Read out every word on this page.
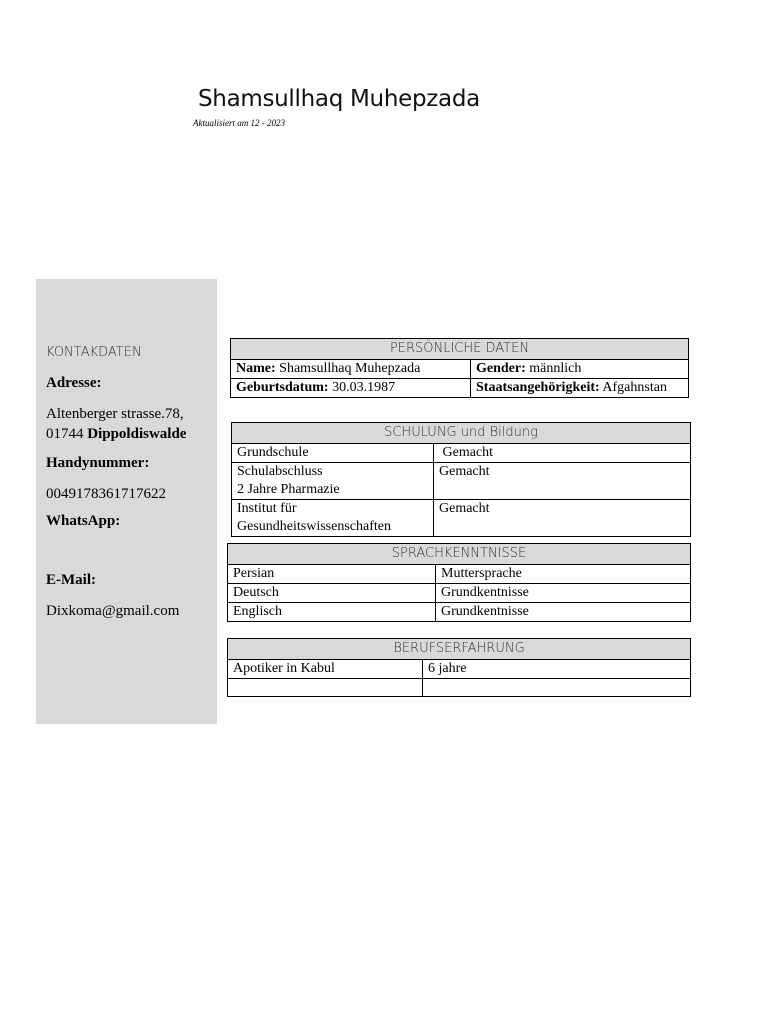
Shamsullhaq Muhepzada
Aktualisiert am 12 - 2023
KONTAKDATEN
Adresse:
Altenberger strasse.78,
01744 Dippoldiswalde
Handynummer:
0049178361717622
WhatsApp:
E-Mail:
Dixkoma@gmail.com
PERSÖNLICHE DATEN	
Name: Shamsullhaq Muhepzada	Gender: männlich
Geburtsdatum: 30.03.1987	Staatsangehörigkeit: Afgahnstan
SCHULUNG und Bildung	
Grundschule	Gemacht
Schulabschluss
2 Jahre Pharmazie	Gemacht
Institut für
Gesundheitswissenschaften	Gemacht
SPRACHKENNTNISSE	
Persian	Muttersprache
Deutsch	Grundkentnisse
Englisch	Grundkentnisse
BERUFSERFAHRUNG	
Apotiker in Kabul	6 jahre
